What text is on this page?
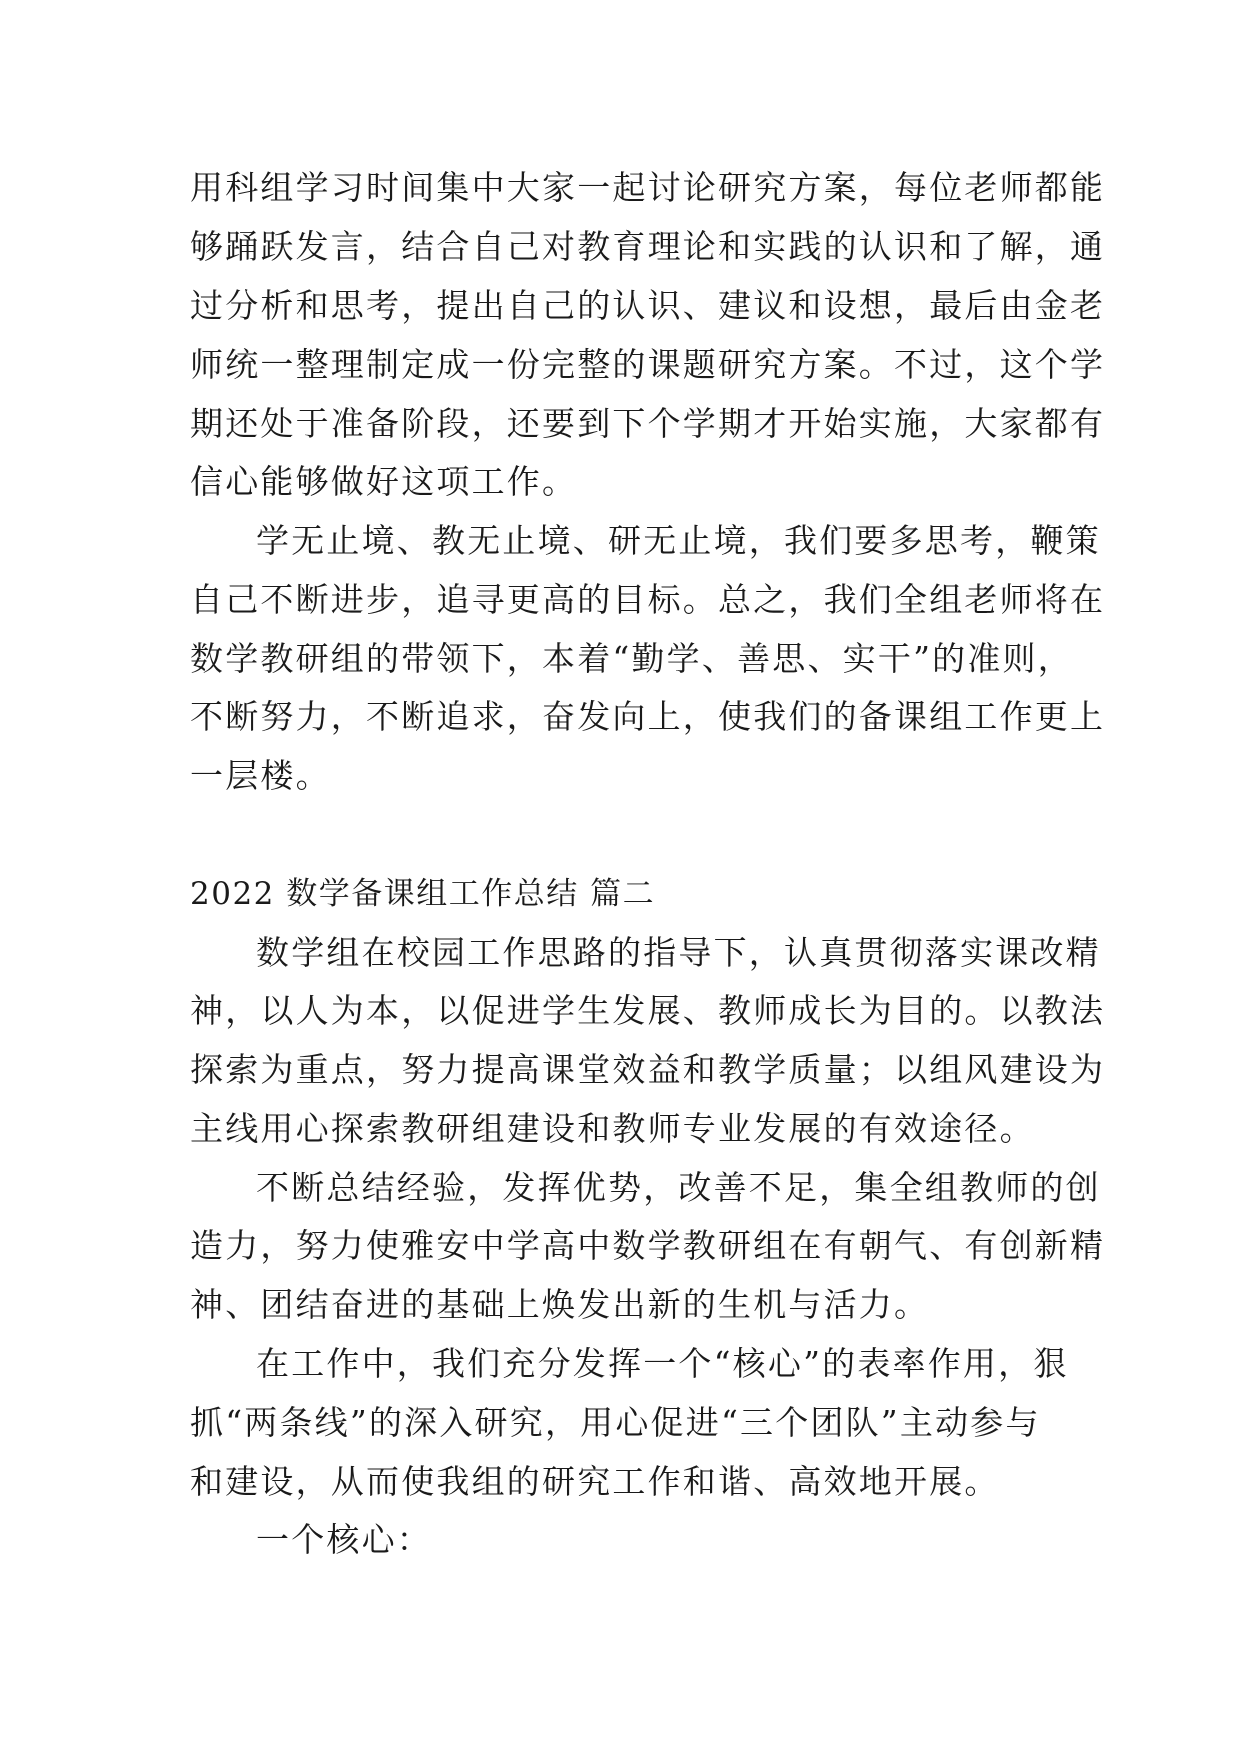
用科组学习时间集中大家一起讨论研究方案，每位老师都能
够踊跃发言，结合自己对教育理论和实践的认识和了解，通
过分析和思考，提出自己的认识、建议和设想，最后由金老
师统一整理制定成一份完整的课题研究方案。不过，这个学
期还处于准备阶段，还要到下个学期才开始实施，大家都有
信心能够做好这项工作。
学无止境、教无止境、研无止境，我们要多思考，鞭策
自己不断进步，追寻更高的目标。总之，我们全组老师将在
数学教研组的带领下，本着“勤学、善思、实干”的准则，
不断努力，不断追求，奋发向上，使我们的备课组工作更上
一层楼。
2022 数学备课组工作总结 篇二
数学组在校园工作思路的指导下，认真贯彻落实课改精
神，以人为本，以促进学生发展、教师成长为目的。以教法
探索为重点，努力提高课堂效益和教学质量；以组风建设为
主线用心探索教研组建设和教师专业发展的有效途径。
不断总结经验，发挥优势，改善不足，集全组教师的创
造力，努力使雅安中学高中数学教研组在有朝气、有创新精
神、团结奋进的基础上焕发出新的生机与活力。
在工作中，我们充分发挥一个“核心”的表率作用，狠
抓“两条线”的深入研究，用心促进“三个团队”主动参与
和建设，从而使我组的研究工作和谐、高效地开展。
一个核心：
